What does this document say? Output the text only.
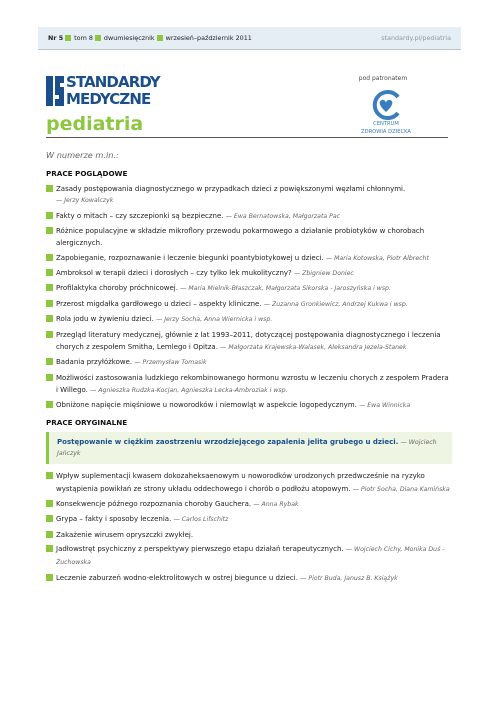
Nr 5 tom 8 dwumiesięcznik wrzesień–październik 2011	standardy.pl/pediatria
STANDARDY
MEDYCZNE
pediatria
pod patronatem
CENTRUM
ZDROWIA DZIECKA
W numerze m.in.:
PRACE POGLĄDOWE
Zasady postępowania diagnostycznego w przypadkach dzieci z powiększonymi węzłami chłonnymi.
— Jerzy Kowalczyk
Fakty o mitach – czy szczepionki są bezpieczne. — Ewa Bernatowska, Małgorzata Pac
Różnice populacyjne w składzie mikroflory przewodu pokarmowego a działanie probiotyków w chorobach alergicznych.
Zapobieganie, rozpoznawanie i leczenie biegunki poantybiotykowej u dzieci. — Maria Kotowska, Piotr Albrecht
Ambroksol w terapii dzieci i dorosłych – czy tylko lek mukolityczny? — Zbigniew Doniec
Profilaktyka choroby próchnicowej. — Maria Mielnik-Błaszczak, Małgorzata Sikorska - Jaroszyńska i wsp.
Przerost migdałka gardłowego u dzieci – aspekty kliniczne. — Zuzanna Gronkiewicz, Andrzej Kukwa i wsp.
Rola jodu w żywieniu dzieci. — Jerzy Socha, Anna Wiernicka i wsp.
Przegląd literatury medycznej, głównie z lat 1993–2011, dotyczącej postępowania diagnostycznego i leczenia chorych z zespołem Smitha, Lemlego i Opitza. — Małgorzata Krajewska-Walasek, Aleksandra Jezela-Stanek
Badania przyłóżkowe. — Przemysław Tomasik
Możliwości zastosowania ludzkiego rekombinowanego hormonu wzrostu w leczeniu chorych z zespołem Pradera i Willego. — Agnieszka Rudzka-Kocjan, Agnieszka Lecka-Ambroziak i wsp.
Obniżone napięcie mięśniowe u noworodków i niemowląt w aspekcie logopedycznym. — Ewa Winnicka
PRACE ORYGINALNE
Postępowanie w ciężkim zaostrzeniu wrzodziejącego zapalenia jelita grubego u dzieci. — Wojciech Jańczyk
Wpływ suplementacji kwasem dokozaheksaenowym u noworodków urodzonych przedwcześnie na ryzyko wystąpienia powikłań ze strony układu oddechowego i chorób o podłożu atopowym. — Piotr Socha, Diana Kamińska
Konsekwencje późnego rozpoznania choroby Gauchera. — Anna Rybak
Grypa – fakty i sposoby leczenia. — Carlos Lifschitz
Zakażenie wirusem opryszczki zwykłej.
Jadłowstręt psychiczny z perspektywy pierwszego etapu działań terapeutycznych. — Wojciech Cichy, Monika Duś - Żuchowska
Leczenie zaburzeń wodno-elektrolitowych w ostrej biegunce u dzieci. — Piotr Buda, Janusz B. Książyk
